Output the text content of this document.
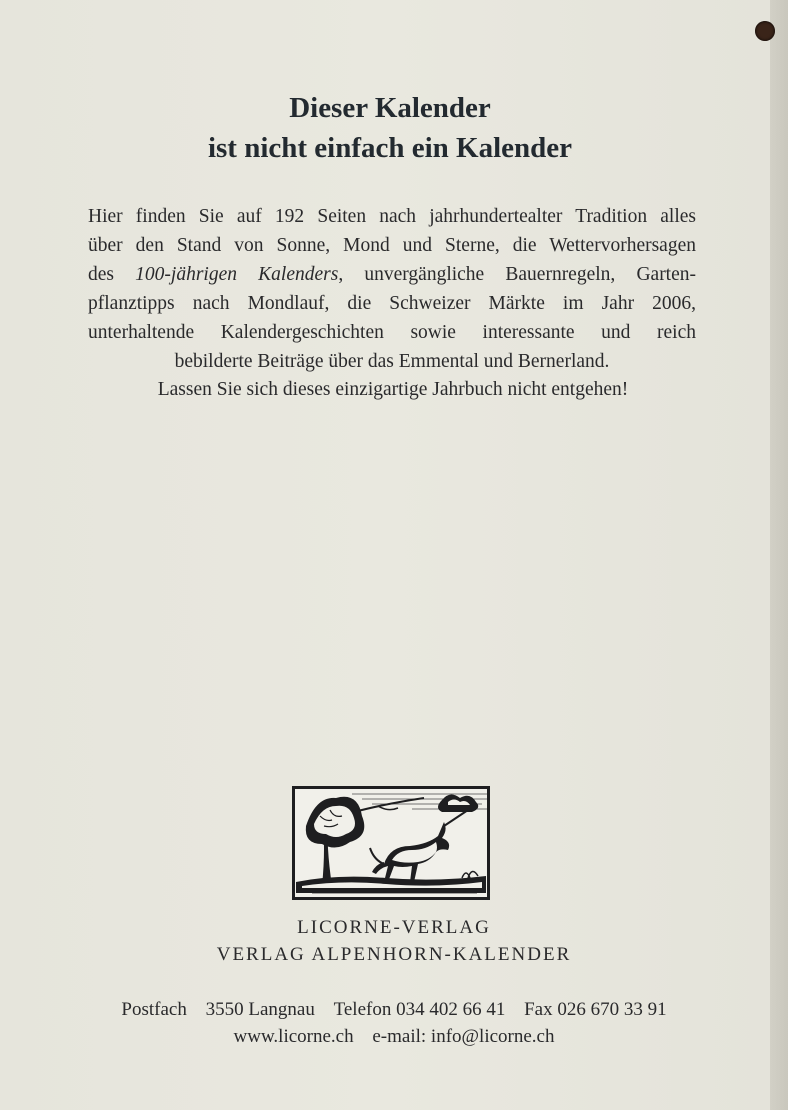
Dieser Kalender
ist nicht einfach ein Kalender
Hier finden Sie auf 192 Seiten nach jahrhundertealter Tradition alles
über den Stand von Sonne, Mond und Sterne, die Wettervorhersagen
des 100-jährigen Kalenders, unvergängliche Bauernregeln, Garten-
pflanztipps nach Mondlauf, die Schweizer Märkte im Jahr 2006,
unterhaltende Kalendergeschichten sowie interessante und reich
bebilderte Beiträge über das Emmental und Bernerland.
Lassen Sie sich dieses einzigartige Jahrbuch nicht entgehen!
LICORNE-VERLAG
VERLAG ALPENHORN-KALENDER
Postfach 3550 Langnau Telefon 034 402 66 41 Fax 026 670 33 91
www.licorne.ch e-mail: info@licorne.ch
